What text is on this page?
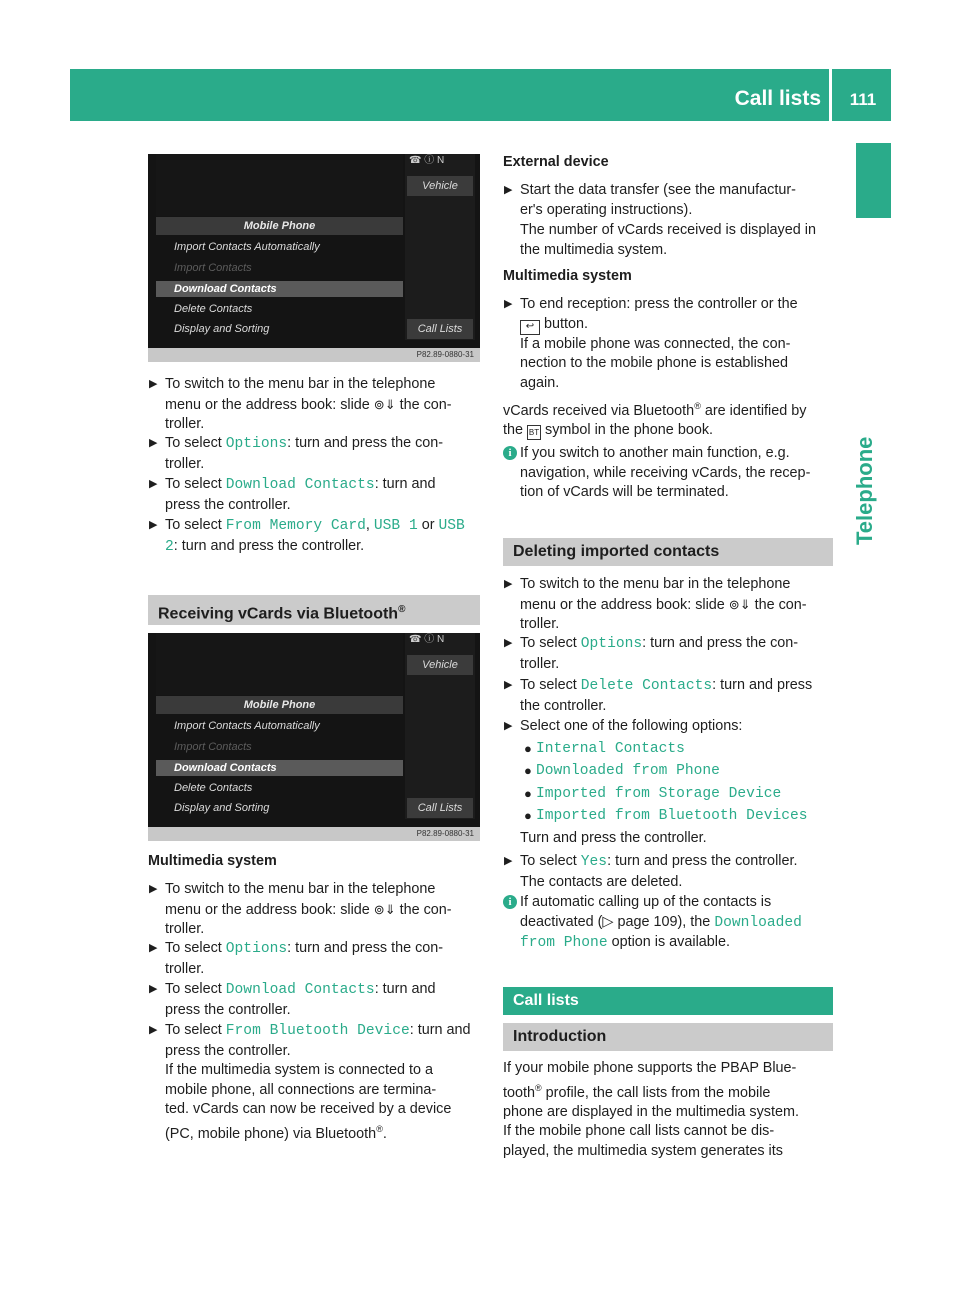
Call lists	111
Telephone
Mobile Phone
Import Contacts Automatically
Import Contacts
Download Contacts
Delete Contacts
Display and Sorting
☎ ⓘ N
Vehicle
Call Lists
P82.89-0880-31
▶ To switch to the menu bar in the telephone
menu or the address book: slide ⊚⇓ the con-
troller.
▶ To select Options: turn and press the con-
troller.
▶ To select Download Contacts: turn and
press the controller.
▶ To select From Memory Card, USB 1 or USB
2: turn and press the controller.
Receiving vCards via Bluetooth®
Mobile Phone
Import Contacts Automatically
Import Contacts
Download Contacts
Delete Contacts
Display and Sorting
☎ ⓘ N
Vehicle
Call Lists
P82.89-0880-31
Multimedia system
▶ To switch to the menu bar in the telephone
menu or the address book: slide ⊚⇓ the con-
troller.
▶ To select Options: turn and press the con-
troller.
▶ To select Download Contacts: turn and
press the controller.
▶ To select From Bluetooth Device: turn and
press the controller.
If the multimedia system is connected to a
mobile phone, all connections are termina-
ted. vCards can now be received by a device
(PC, mobile phone) via Bluetooth®.
External device
▶ Start the data transfer (see the manufactur-
er's operating instructions).
The number of vCards received is displayed in
the multimedia system.
Multimedia system
▶ To end reception: press the controller or the
↩ button.
If a mobile phone was connected, the con-
nection to the mobile phone is established
again.
vCards received via Bluetooth® are identified by
the BT symbol in the phone book.
i If you switch to another main function, e.g.
navigation, while receiving vCards, the recep-
tion of vCards will be terminated.
Deleting imported contacts
▶ To switch to the menu bar in the telephone
menu or the address book: slide ⊚⇓ the con-
troller.
▶ To select Options: turn and press the con-
troller.
▶ To select Delete Contacts: turn and press
the controller.
▶ Select one of the following options:
● Internal Contacts
● Downloaded from Phone
● Imported from Storage Device
● Imported from Bluetooth Devices
Turn and press the controller.
▶ To select Yes: turn and press the controller.
The contacts are deleted.
i If automatic calling up of the contacts is
deactivated (▷ page 109), the Downloaded
from Phone option is available.
Call lists
Introduction
If your mobile phone supports the PBAP Blue-
tooth® profile, the call lists from the mobile
phone are displayed in the multimedia system.
If the mobile phone call lists cannot be dis-
played, the multimedia system generates its
